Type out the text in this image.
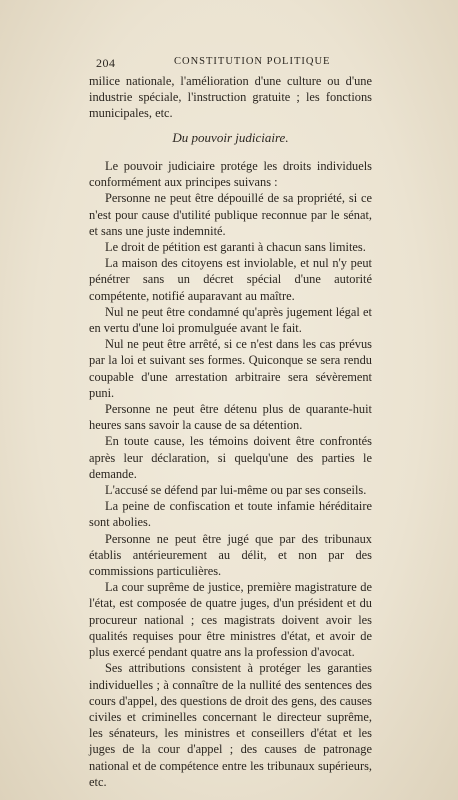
204	CONSTITUTION POLITIQUE

milice nationale, l'amélioration d'une culture ou d'une industrie spéciale, l'instruction gratuite ; les fonctions municipales, etc.

Du pouvoir judiciaire.

Le pouvoir judiciaire protége les droits individuels conformément aux principes suivans :

Personne ne peut être dépouillé de sa propriété, si ce n'est pour cause d'utilité publique reconnue par le sénat, et sans une juste indemnité.

Le droit de pétition est garanti à chacun sans limites.

La maison des citoyens est inviolable, et nul n'y peut pénétrer sans un décret spécial d'une autorité compétente, notifié auparavant au maître.

Nul ne peut être condamné qu'après jugement légal et en vertu d'une loi promulguée avant le fait.

Nul ne peut être arrêté, si ce n'est dans les cas prévus par la loi et suivant ses formes. Quiconque se sera rendu coupable d'une arrestation arbitraire sera sévèrement puni.

Personne ne peut être détenu plus de quarante-huit heures sans savoir la cause de sa détention.

En toute cause, les témoins doivent être confrontés après leur déclaration, si quelqu'une des parties le demande.

L'accusé se défend par lui-même ou par ses conseils.

La peine de confiscation et toute infamie héréditaire sont abolies.

Personne ne peut être jugé que par des tribunaux établis antérieurement au délit, et non par des commissions particulières.

La cour suprême de justice, première magistrature de l'état, est composée de quatre juges, d'un président et du procureur national ; ces magistrats doivent avoir les qualités requises pour être ministres d'état, et avoir de plus exercé pendant quatre ans la profession d'avocat.

Ses attributions consistent à protéger les garanties individuelles ; à connaître de la nullité des sentences des cours d'appel, des questions de droit des gens, des causes civiles et criminelles concernant le directeur suprême, les sénateurs, les ministres et conseillers d'état et les juges de la cour d'appel ; des causes de patronage national et de compétence entre les tribunaux supérieurs, etc.
